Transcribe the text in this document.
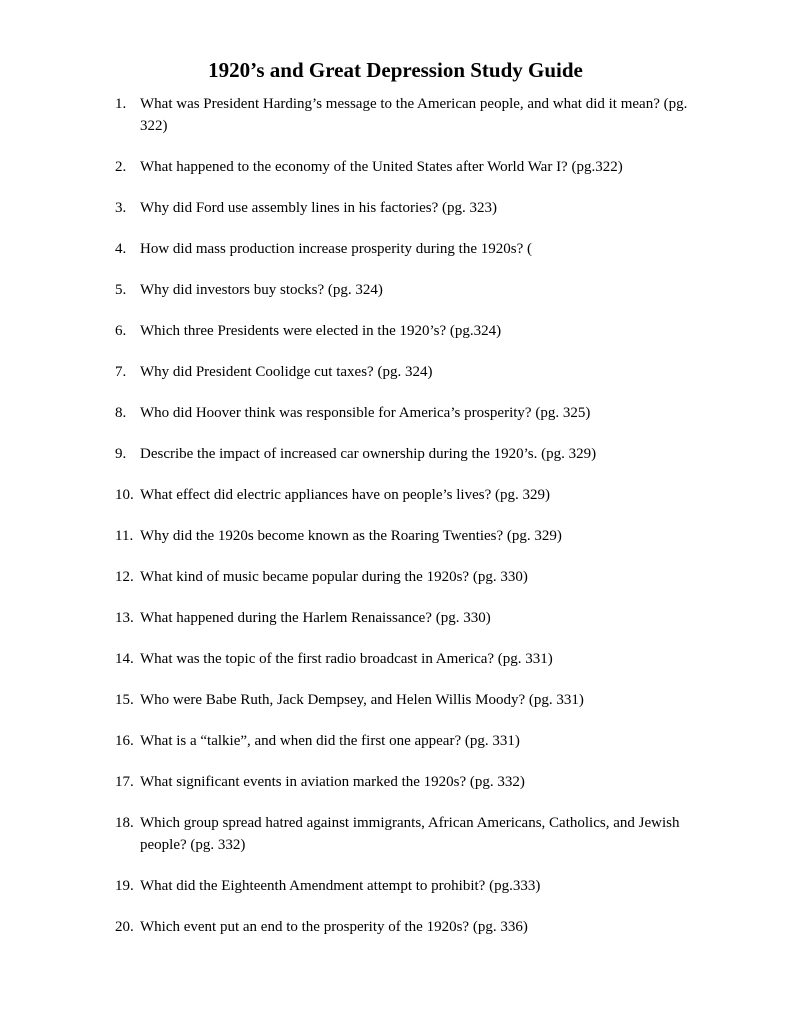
1920’s and Great Depression Study Guide
1. What was President Harding’s message to the American people, and what did it mean? (pg. 322)
2. What happened to the economy of the United States after World War I? (pg.322)
3. Why did Ford use assembly lines in his factories? (pg. 323)
4. How did mass production increase prosperity during the 1920s? (
5. Why did investors buy stocks? (pg. 324)
6. Which three Presidents were elected in the 1920’s? (pg.324)
7. Why did President Coolidge cut taxes? (pg. 324)
8. Who did Hoover think was responsible for America’s prosperity? (pg. 325)
9. Describe the impact of increased car ownership during the 1920’s. (pg. 329)
10. What effect did electric appliances have on people’s lives? (pg. 329)
11. Why did the 1920s become known as the Roaring Twenties? (pg. 329)
12. What kind of music became popular during the 1920s? (pg. 330)
13. What happened during the Harlem Renaissance? (pg. 330)
14. What was the topic of the first radio broadcast in America? (pg. 331)
15. Who were Babe Ruth, Jack Dempsey, and Helen Willis Moody? (pg. 331)
16. What is a “talkie”, and when did the first one appear? (pg. 331)
17. What significant events in aviation marked the 1920s? (pg. 332)
18. Which group spread hatred against immigrants, African Americans, Catholics, and Jewish people? (pg. 332)
19. What did the Eighteenth Amendment attempt to prohibit? (pg.333)
20. Which event put an end to the prosperity of the 1920s? (pg. 336)
